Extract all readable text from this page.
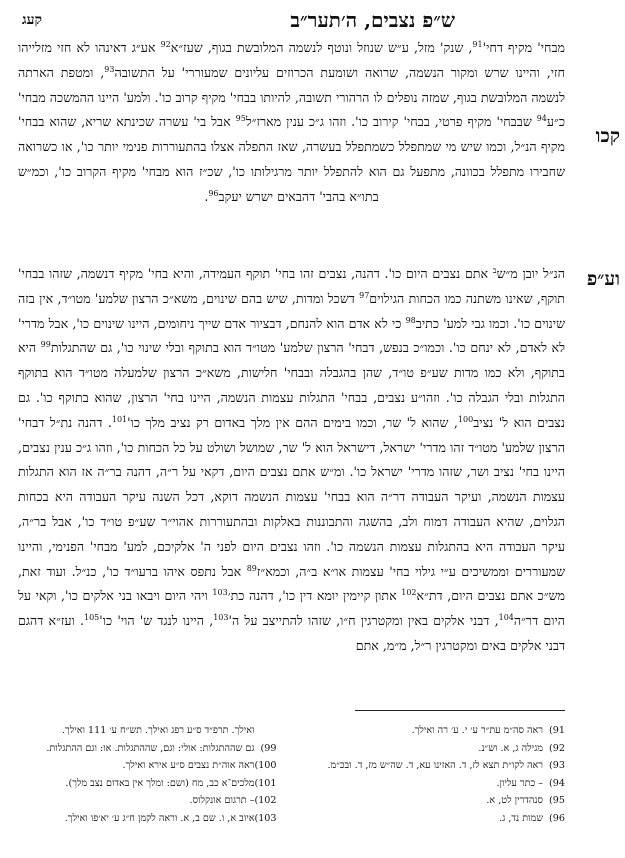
קעג	ש״פ נצבים, ה׳תער״ב
קכו
וע״פ

מבחי' מקיף $דחי'^{91}$, שנק' מזל, ע״ש שנוזל ונוטף לנשמה המלובשת בגוף, שעז״א$^{92}$ אע״ג דאינהו לא חזי מזלייהו חזי, והיינו שרש ומקור הנשמה, שרואה ושומעת הכרוזים עליונים שמעוררי' על התשובה$^{93}$, ומטפת הארתה לנשמה המלובשת בגוף, שמזה נופלים לו הרהורי תשובה, להיותו בבחי' מקיף קרוב כו'. ולמע' היינו ההמשכה מבחי' כ״ע$^{94}$ שבבחי' מקיף פרטי, בבחי' קירוב כו'. וזהו ג״כ ענין מארז״ל$^{95}$ אבל בי' עשרה שכינתא שריא, שהוא בבחי' מקיף הנ״ל, וכמו שיש מי שמתפלל כשמתפלל בעשרה, שאז התפלה אצלו בהתעוררות פנימי יותר כו', או כשרואה שחבירו מתפלל בכוונה, מתפעל גם הוא להתפלל יותר מרגילותו כו', שכ״ז הוא מבחי' מקיף הקרוב כו', וכמ״ש בתו״א בהבי' דהבאים ישרש יעקב$^{96}$.

הנ״ל יובן מ״ש$^ב$ אתם נצבים היום כו'. דהנה, נצבים זהו בחי' תוקף העמידה, והיא בחי' מקיף דנשמה, שזהו בבחי' תוקף, שאינו משתנה כמו הכחות הגילוים$^{97}$ דשכל ומדות, שיש בהם שינוים, משא״כ הרצון שלמע' מטו״ד, אין בזה שינוים כו'. וכמו גבי למע' כתיב$^{98}$ כי לא אדם הוא להנחם, דבציור אדם שייך ניחומים, היינו שינוים כו', אבל מדרי' לא לאדם, לא ינחם כו'. וכמו״כ בנפש, דבחי' הרצון שלמע' מטו״ד הוא בתוקף ובלי שינוי כו', גם שהתגלות$^{99}$ היא בתוקף, ולא כמו מדות שע״פ טו״ד, שהן בהגבלה ובבחי' חלישות, משא״כ הרצון שלמעלה מטו״ד הוא בתוקף התגלות ובלי הגבלה כו'. וזהו״ע נצבים, בבחי' התגלות עצמות הנשמה, היינו בחי' הרצון, שהוא בתוקף כו'. גם נצבים הוא ל' נציב$^{100}$, שהוא ל' שר, וכמו בימים ההם אין מלך באדום רק נציב מלך $כו'^{101}$. דהנה נת״ל דבחי' הרצון שלמע' מטו״ד זהו מדרי' ישראל, דישראל הוא ל' שר, שמושל ושולט על כל הכחות כו', וזהו ג״כ ענין נצבים, היינו בחי' נציב ושר, שזהו מדרי' ישראל כו'. ומ״ש אתם נצבים היום, דקאי על ר״ה, דהנה בר״ה אז הוא התגלות עצמות הנשמה, ועיקר העבודה דר״ה הוא בבחי' עצמות הנשמה דוקא, דכל השנה עיקר העבודה היא בכחות הגלוים, שהיא העבודה דמוח ולב, בהשגה והתבוננות באלקות ובהתעוררות אהוי״ר שע״פ טו״ד כו', אבל בר״ה, עיקר העבודה היא בהתגלות עצמות הנשמה כו'. וזהו נצבים היום לפני ה' אלקיכם, למע' מבחי' הפנימי, והיינו שמעוררים וממשיכים ע״י גילוי בחי' עצמות או״א ב״ה, וכמא״ז$^{89}$ אבל נתפס איהו ברעו״ד כו', כנ״ל. ועוד זאת, מש״כ אתם נצבים היום, דת״א$^{102}$ אתון קיימין יומא דין כו', דהנה כת׳$^{103}$ ויהי היום ויבאו בני אלקים כו', וקאי על היום דר״ה$^{104}$, דבני אלקים באין ומקטרגין ח״ו, שזהו להתייצב על $ה'^{103}$, היינו לנגד ש' הוי' $כו'^{105}$. ועז״א דהגם דבני אלקים באים ומקטרגין ר״ל, מ״מ, אתם

91)
ראה סה״מ עת״ר ע׳ י. ע׳ רה ואילך.
92)
מגילה ג, א. וש״נ.
93)
ראה לקו״ת תצא לז, ד. האזינו עא, ד. שה״ש מז, ד. ובכ״מ.
94)
– כתר עליון.
95)
סנהדרין לט, א.
96)
שמות נד, ג.
ואילך. תרפ״ד ס״ע רפג ואילך. תש״ח ע׳ 111 ואילך.
99)
גם שההתגלות: אולי: וגם, שההתגלות. או: וגם ההתגלות.
100)
ראה אוה״ת נצבים ס״ע אירא ואילך.
101)
מלכים־א כב, מח (ושם: ומלך אין באדום נצב מלך).
102)
– תרגום אונקלוס.
103)
איוב א, ו. שם ב, א. וראה לקמן ח״ג ע׳ יא׳פו ואילך.
